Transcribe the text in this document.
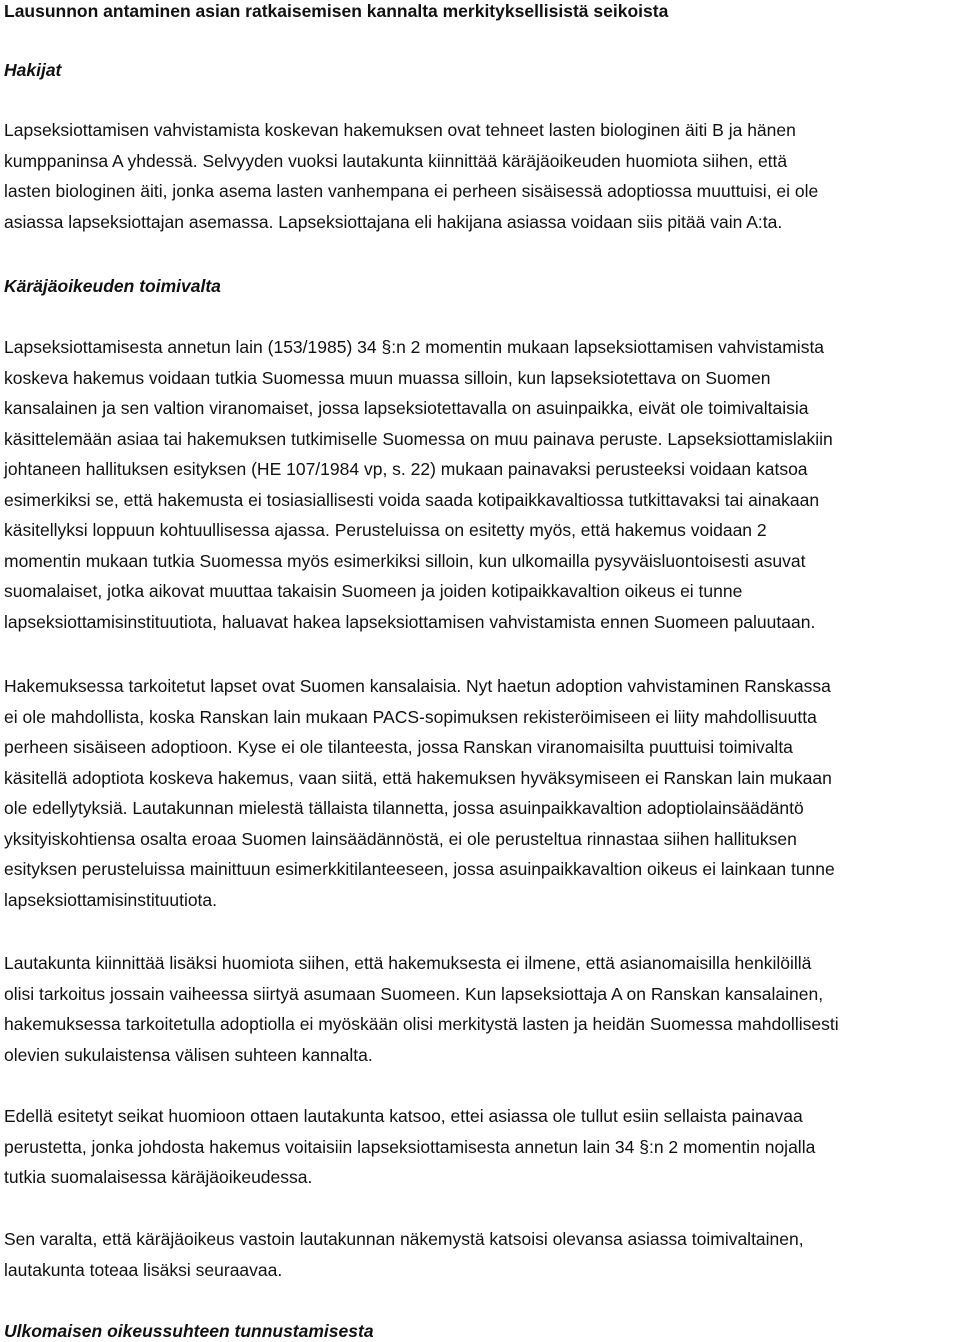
Lausunnon antaminen asian ratkaisemisen kannalta merkityksellisistä seikoista
Hakijat

Lapseksiottamisen vahvistamista koskevan hakemuksen ovat tehneet lasten biologinen äiti B ja hänen
kumppaninsa A yhdessä. Selvyyden vuoksi lautakunta kiinnittää käräjäoikeuden huomiota siihen, että
lasten biologinen äiti, jonka asema lasten vanhempana ei perheen sisäisessä adoptiossa muuttuisi, ei ole
asiassa lapseksiottajan asemassa. Lapseksiottajana eli hakijana asiassa voidaan siis pitää vain A:ta.

Käräjäoikeuden toimivalta

Lapseksiottamisesta annetun lain (153/1985) 34 §:n 2 momentin mukaan lapseksiottamisen vahvistamista
koskeva hakemus voidaan tutkia Suomessa muun muassa silloin, kun lapseksiotettava on Suomen
kansalainen ja sen valtion viranomaiset, jossa lapseksiotettavalla on asuinpaikka, eivät ole toimivaltaisia
käsittelemään asiaa tai hakemuksen tutkimiselle Suomessa on muu painava peruste. Lapseksiottamislakiin
johtaneen hallituksen esityksen (HE 107/1984 vp, s. 22) mukaan painavaksi perusteeksi voidaan katsoa
esimerkiksi se, että hakemusta ei tosiasiallisesti voida saada kotipaikkavaltiossa tutkittavaksi tai ainakaan
käsitellyksi loppuun kohtuullisessa ajassa. Perusteluissa on esitetty myös, että hakemus voidaan 2
momentin mukaan tutkia Suomessa myös esimerkiksi silloin, kun ulkomailla pysyväisluontoisesti asuvat
suomalaiset, jotka aikovat muuttaa takaisin Suomeen ja joiden kotipaikkavaltion oikeus ei tunne
lapseksiottamisinstituutiota, haluavat hakea lapseksiottamisen vahvistamista ennen Suomeen paluutaan.

Hakemuksessa tarkoitetut lapset ovat Suomen kansalaisia. Nyt haetun adoption vahvistaminen Ranskassa
ei ole mahdollista, koska Ranskan lain mukaan PACS-sopimuksen rekisteröimiseen ei liity mahdollisuutta
perheen sisäiseen adoptioon. Kyse ei ole tilanteesta, jossa Ranskan viranomaisilta puuttuisi toimivalta
käsitellä adoptiota koskeva hakemus, vaan siitä, että hakemuksen hyväksymiseen ei Ranskan lain mukaan
ole edellytyksiä. Lautakunnan mielestä tällaista tilannetta, jossa asuinpaikkavaltion adoptiolainsäädäntö
yksityiskohtiensa osalta eroaa Suomen lainsäädännöstä, ei ole perusteltua rinnastaa siihen hallituksen
esityksen perusteluissa mainittuun esimerkkitilanteeseen, jossa asuinpaikkavaltion oikeus ei lainkaan tunne
lapseksiottamisinstituutiota.

Lautakunta kiinnittää lisäksi huomiota siihen, että hakemuksesta ei ilmene, että asianomaisilla henkilöillä
olisi tarkoitus jossain vaiheessa siirtyä asumaan Suomeen. Kun lapseksiottaja A on Ranskan kansalainen,
hakemuksessa tarkoitetulla adoptiolla ei myöskään olisi merkitystä lasten ja heidän Suomessa mahdollisesti
olevien sukulaistensa välisen suhteen kannalta.

Edellä esitetyt seikat huomioon ottaen lautakunta katsoo, ettei asiassa ole tullut esiin sellaista painavaa
perustetta, jonka johdosta hakemus voitaisiin lapseksiottamisesta annetun lain 34 §:n 2 momentin nojalla
tutkia suomalaisessa käräjäoikeudessa.

Sen varalta, että käräjäoikeus vastoin lautakunnan näkemystä katsoisi olevansa asiassa toimivaltainen,
lautakunta toteaa lisäksi seuraavaa.

Ulkomaisen oikeussuhteen tunnustamisesta
